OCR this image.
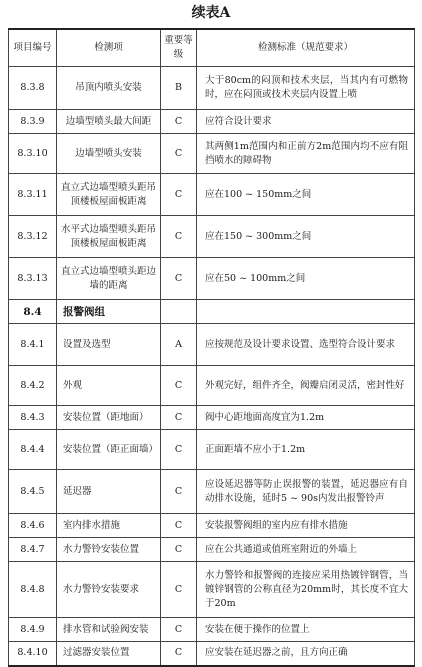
续表A
项目编号	检测项	重要等级	检测标准（规范要求）
8.3.8	吊顶内喷头安装	B	大于80cm的闷顶和技术夹层，当其内有可燃物时，应在闷顶或技术夹层内设置上喷
8.3.9	边墙型喷头最大间距	C	应符合设计要求
8.3.10	边墙型喷头安装	C	其两侧1m范围内和正前方2m范围内均不应有阻挡喷水的障碍物
8.3.11	直立式边墙型喷头距吊顶楼板屋面板距离	C	应在100 ~ 150mm之间
8.3.12	水平式边墙型喷头距吊顶楼板屋面板距离	C	应在150 ~ 300mm之间
8.3.13	直立式边墙型喷头距边墙的距离	C	应在50 ~ 100mm之间
8.4	报警阀组		
8.4.1	设置及选型	A	应按规范及设计要求设置、选型符合设计要求
8.4.2	外观	C	外观完好，组件齐全，阀瓣启闭灵活，密封性好
8.4.3	安装位置（距地面）	C	阀中心距地面高度宜为1.2m
8.4.4	安装位置（距正面墙）	C	正面距墙不应小于1.2m
8.4.5	延迟器	C	应设延迟器等防止误报警的装置，延迟器应有自动排水设施，延时5 ~ 90s内发出报警铃声
8.4.6	室内排水措施	C	安装报警阀组的室内应有排水措施
8.4.7	水力警铃安装位置	C	应在公共通道或值班室附近的外墙上
8.4.8	水力警铃安装要求	C	水力警铃和报警阀的连接应采用热镀锌钢管，当镀锌钢管的公称直径为20mm时，其长度不宜大于20m
8.4.9	排水管和试验阀安装	C	安装在便于操作的位置上
8.4.10	过滤器安装位置	C	应安装在延迟器之前，且方向正确
